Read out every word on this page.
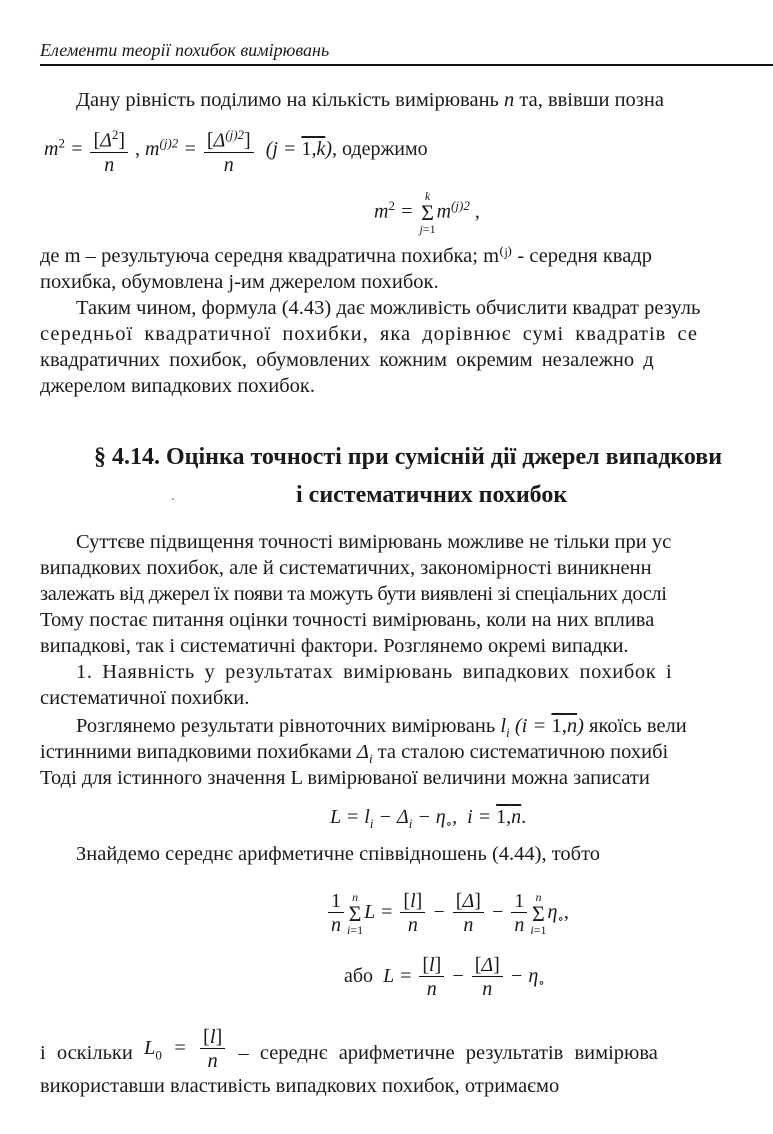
Елементи теорії похибок вимірювань
Дану рівність поділимо на кількість вимірювань n та, ввівши позна
$m^2 = \frac{[\Delta^2]}{n}$ , $m^{(j)2} = \frac{[\Delta^{(j)2}]}{n} (j = 1,k)$, одержимо
$m^2$ =
k
Σ
j=1
$m^{(j)2}$ ,
де m – результуюча середня квадратична похибка; m⁽ʲ⁾ - середня квадр
похибка, обумовлена j-им джерелом похибок.
Таким чином, формула (4.43) дає можливість обчислити квадрат резуль
середньої квадратичної похибки, яка дорівнює сумі квадратів се
квадратичних похибок, обумовлених кожним окремим незалежно д
джерелом випадкових похибок.
§ 4.14. Оцінка точності при сумісній дії джерел випадкови
і систематичних похибок
Суттєве підвищення точності вимірювань можливе не тільки при ус
випадкових похибок, але й систематичних, закономірності виникненн
залежать від джерел їх появи та можуть бути виявлені зі спеціальних дослі
Тому постає питання оцінки точності вимірювань, коли на них вплива
випадкові, так і систематичні фактори. Розглянемо окремі випадки.
1. Наявність у результатах вимірювань випадкових похибок і
систематичної похибки.
Розглянемо результати рівноточних вимірювань $l_i$ (i = 1,n) якоїсь вели
істинними випадковими похибками $\Delta_i$ та сталою систематичною похибі
Тоді для істинного значення L вимірюваної величини можна записати
$L = l_i - \Delta_i - \eta_\circ$,  i = 1,n.
Знайдемо середнє арифметичне співвідношень (4.44), тобто
$\frac{1}{n}$ n
Σ
i=1
$L = \frac{[l]}{n} - \frac{[\Delta]}{n} - \frac{1}{n}$ n
Σ
i=1
$\eta_\circ$,
або  $L = \frac{[l]}{n} - \frac{[\Delta]}{n} - \eta_\circ$
і оскільки $L_0 = \frac{[l]}{n}$ – середнє арифметичне результатів вимірюва
використавши властивість випадкових похибок, отримаємо
